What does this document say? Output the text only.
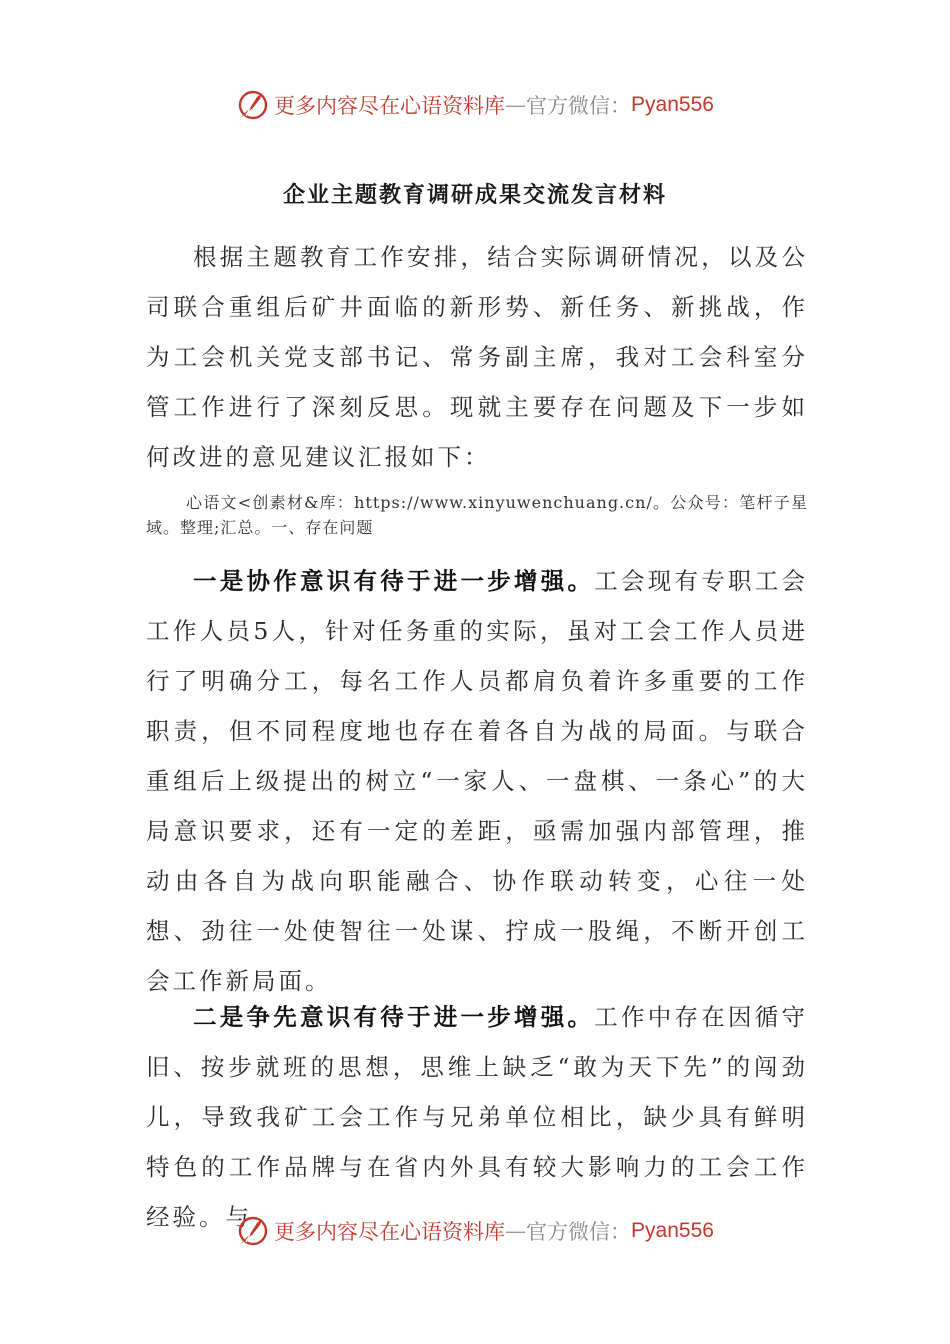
更多内容尽在心语资料库—官方微信：Pyan556
企业主题教育调研成果交流发言材料

根据主题教育工作安排，结合实际调研情况，以及公司联合重组后矿井面临的新形势、新任务、新挑战，作为工会机关党支部书记、常务副主席，我对工会科室分管工作进行了深刻反思。现就主要存在问题及下一步如何改进的意见建议汇报如下：

心语文<创素材&库：https://www.xinyuwenchuang.cn/。公众号：笔杆子星域。整理;汇总。一、存在问题

一是协作意识有待于进一步增强。工会现有专职工会工作人员5人，针对任务重的实际，虽对工会工作人员进行了明确分工，每名工作人员都肩负着许多重要的工作职责，但不同程度地也存在着各自为战的局面。与联合重组后上级提出的树立“一家人、一盘棋、一条心”的大局意识要求，还有一定的差距，亟需加强内部管理，推动由各自为战向职能融合、协作联动转变，心往一处想、劲往一处使智往一处谋、拧成一股绳，不断开创工会工作新局面。

二是争先意识有待于进一步增强。工作中存在因循守旧、按步就班的思想，思维上缺乏“敢为天下先”的闯劲儿，导致我矿工会工作与兄弟单位相比，缺少具有鲜明特色的工作品牌与在省内外具有较大影响力的工会工作经验。与

更多内容尽在心语资料库—官方微信：Pyan556
